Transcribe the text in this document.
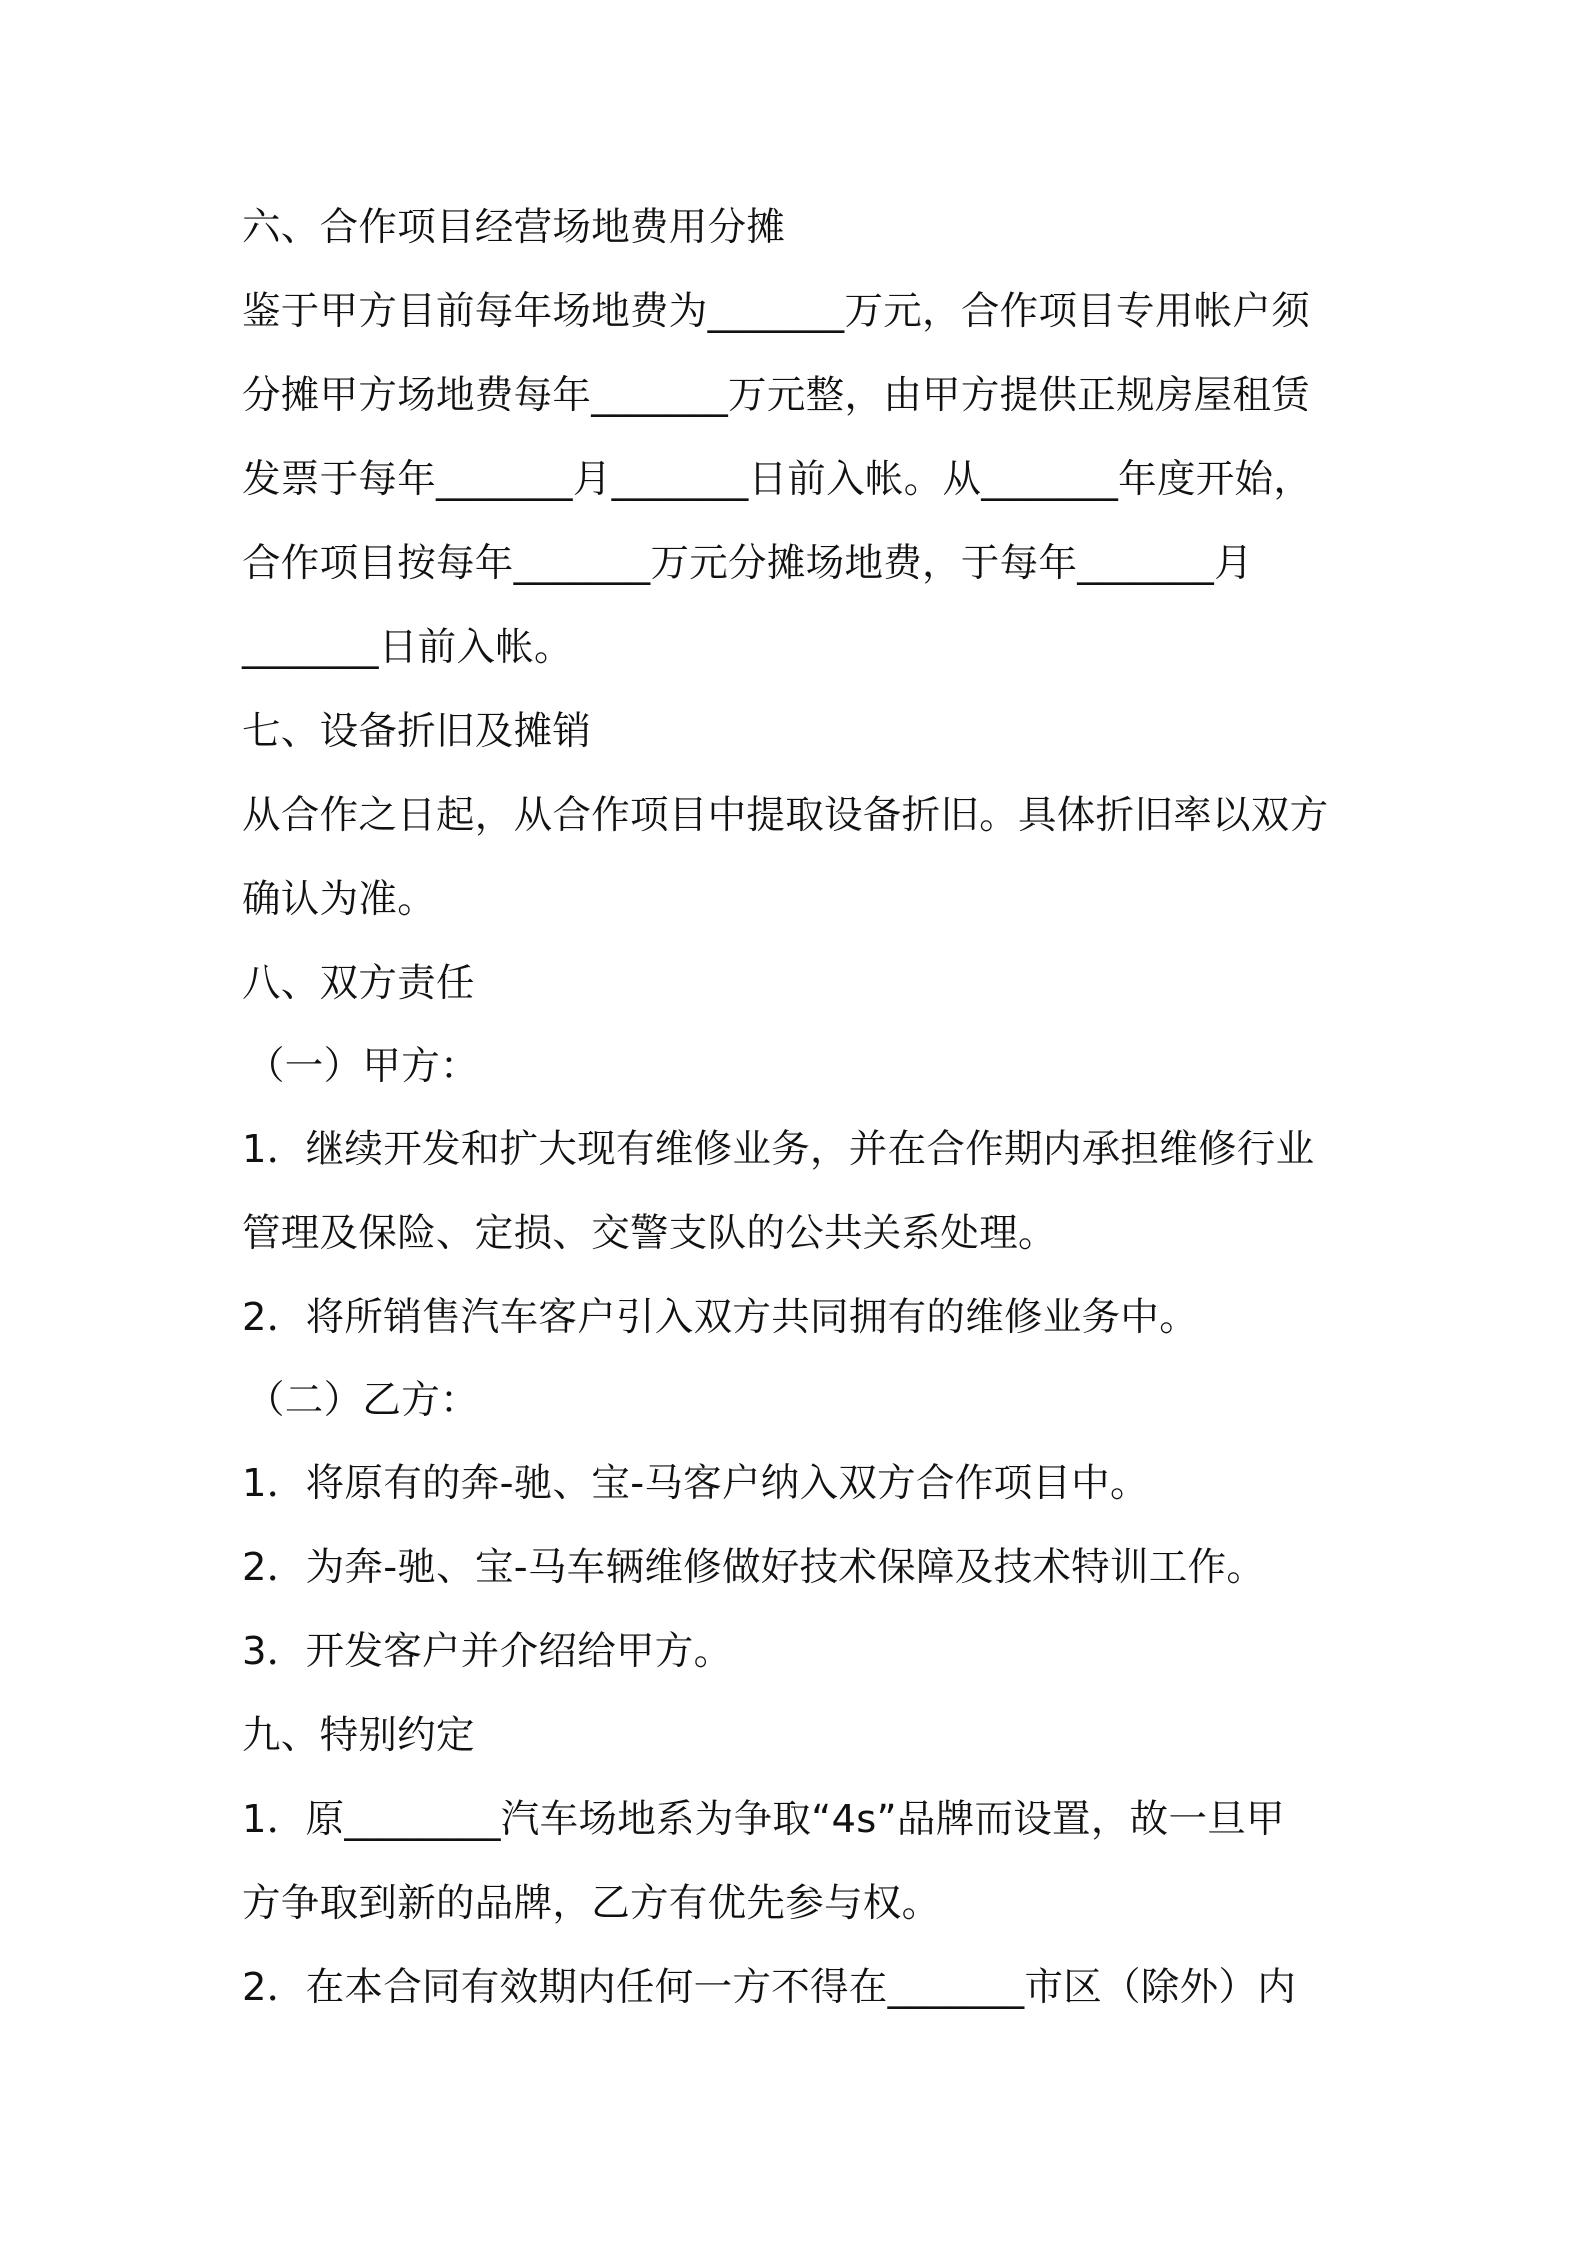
六、合作项目经营场地费用分摊
鉴于甲方目前每年场地费为_______万元，合作项目专用帐户须
分摊甲方场地费每年_______万元整，由甲方提供正规房屋租赁
发票于每年_______月_______日前入帐。从_______年度开始，
合作项目按每年_______万元分摊场地费，于每年_______月
_______日前入帐。
七、设备折旧及摊销
从合作之日起，从合作项目中提取设备折旧。具体折旧率以双方
确认为准。
八、双方责任
（一）甲方：
1．继续开发和扩大现有维修业务，并在合作期内承担维修行业
管理及保险、定损、交警支队的公共关系处理。
2．将所销售汽车客户引入双方共同拥有的维修业务中。
（二）乙方：
1．将原有的奔-驰、宝-马客户纳入双方合作项目中。
2．为奔-驰、宝-马车辆维修做好技术保障及技术特训工作。
3．开发客户并介绍给甲方。
九、特别约定
1．原________汽车场地系为争取“4s”品牌而设置，故一旦甲
方争取到新的品牌，乙方有优先参与权。
2．在本合同有效期内任何一方不得在_______市区（除外）内
